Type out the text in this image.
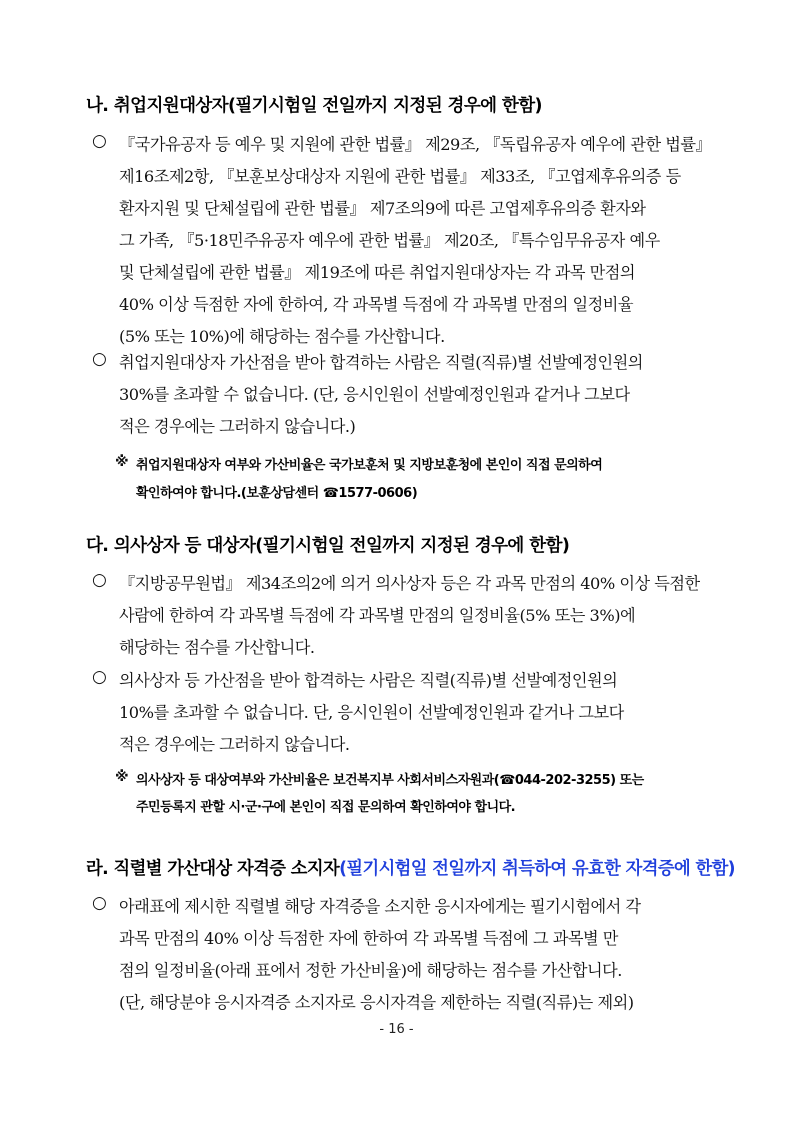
나. 취업지원대상자(필기시험일 전일까지 지정된 경우에 한함)
○ 『국가유공자 등 예우 및 지원에 관한 법률』 제29조, 『독립유공자 예우에 관한 법률』
제16조제2항, 『보훈보상대상자 지원에 관한 법률』 제33조, 『고엽제후유의증 등
환자지원 및 단체설립에 관한 법률』 제7조의9에 따른 고엽제후유의증 환자와
그 가족, 『5·18민주유공자 예우에 관한 법률』 제20조, 『특수임무유공자 예우
및 단체설립에 관한 법률』 제19조에 따른 취업지원대상자는 각 과목 만점의
40% 이상 득점한 자에 한하여, 각 과목별 득점에 각 과목별 만점의 일정비율
(5% 또는 10%)에 해당하는 점수를 가산합니다.
○ 취업지원대상자 가산점을 받아 합격하는 사람은 직렬(직류)별 선발예정인원의
30%를 초과할 수 없습니다. (단, 응시인원이 선발예정인원과 같거나 그보다
적은 경우에는 그러하지 않습니다.)
※ 취업지원대상자 여부와 가산비율은 국가보훈처 및 지방보훈청에 본인이 직접 문의하여
확인하여야 합니다.(보훈상담센터 ☎1577-0606)
다. 의사상자 등 대상자(필기시험일 전일까지 지정된 경우에 한함)
○ 『지방공무원법』 제34조의2에 의거 의사상자 등은 각 과목 만점의 40% 이상 득점한
사람에 한하여 각 과목별 득점에 각 과목별 만점의 일정비율(5% 또는 3%)에
해당하는 점수를 가산합니다.
○ 의사상자 등 가산점을 받아 합격하는 사람은 직렬(직류)별 선발예정인원의
10%를 초과할 수 없습니다. 단, 응시인원이 선발예정인원과 같거나 그보다
적은 경우에는 그러하지 않습니다.
※ 의사상자 등 대상여부와 가산비율은 보건복지부 사회서비스자원과(☎044-202-3255) 또는
주민등록지 관할 시·군·구에 본인이 직접 문의하여 확인하여야 합니다.
라. 직렬별 가산대상 자격증 소지자(필기시험일 전일까지 취득하여 유효한 자격증에 한함)
○ 아래표에 제시한 직렬별 해당 자격증을 소지한 응시자에게는 필기시험에서 각
과목 만점의 40% 이상 득점한 자에 한하여 각 과목별 득점에 그 과목별 만
점의 일정비율(아래 표에서 정한 가산비율)에 해당하는 점수를 가산합니다.
(단, 해당분야 응시자격증 소지자로 응시자격을 제한하는 직렬(직류)는 제외)
- 16 -
